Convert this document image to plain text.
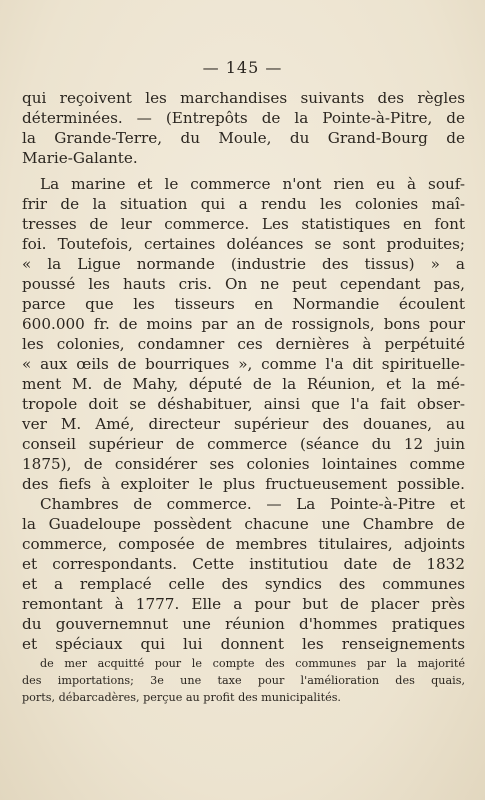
— 145 —
qui reçoivent les marchandises suivants des règles
déterminées. — (Entrepôts de la Pointe-à-Pitre, de
la Grande-Terre, du Moule, du Grand-Bourg de
Marie-Galante.
La marine et le commerce n'ont rien eu à souf-
frir de la situation qui a rendu les colonies maî-
tresses de leur commerce. Les statistiques en font
foi. Toutefois, certaines doléances se sont produites;
« la Ligue normande (industrie des tissus) » a
poussé les hauts cris. On ne peut cependant pas,
parce que les tisseurs en Normandie écoulent
600.000 fr. de moins par an de rossignols, bons pour
les colonies, condamner ces dernières à perpétuité
« aux œils de bourriques », comme l'a dit spirituelle-
ment M. de Mahy, député de la Réunion, et la mé-
tropole doit se déshabituer, ainsi que l'a fait obser-
ver M. Amé, directeur supérieur des douanes, au
conseil supérieur de commerce (séance du 12 juin
1875), de considérer ses colonies lointaines comme
des fiefs à exploiter le plus fructueusement possible.
Chambres de commerce. — La Pointe-à-Pitre et
la Guadeloupe possèdent chacune une Chambre de
commerce, composée de membres titulaires, adjoints
et correspondants. Cette institutiou date de 1832
et a remplacé celle des syndics des communes
remontant à 1777. Elle a pour but de placer près
du gouvernemnut une réunion d'hommes pratiques
et spéciaux qui lui donnent les renseignements
de mer acquitté pour le compte des communes par la majorité
des importations; 3e une taxe pour l'amélioration des quais,
ports, débarcadères, perçue au profit des municipalités.
